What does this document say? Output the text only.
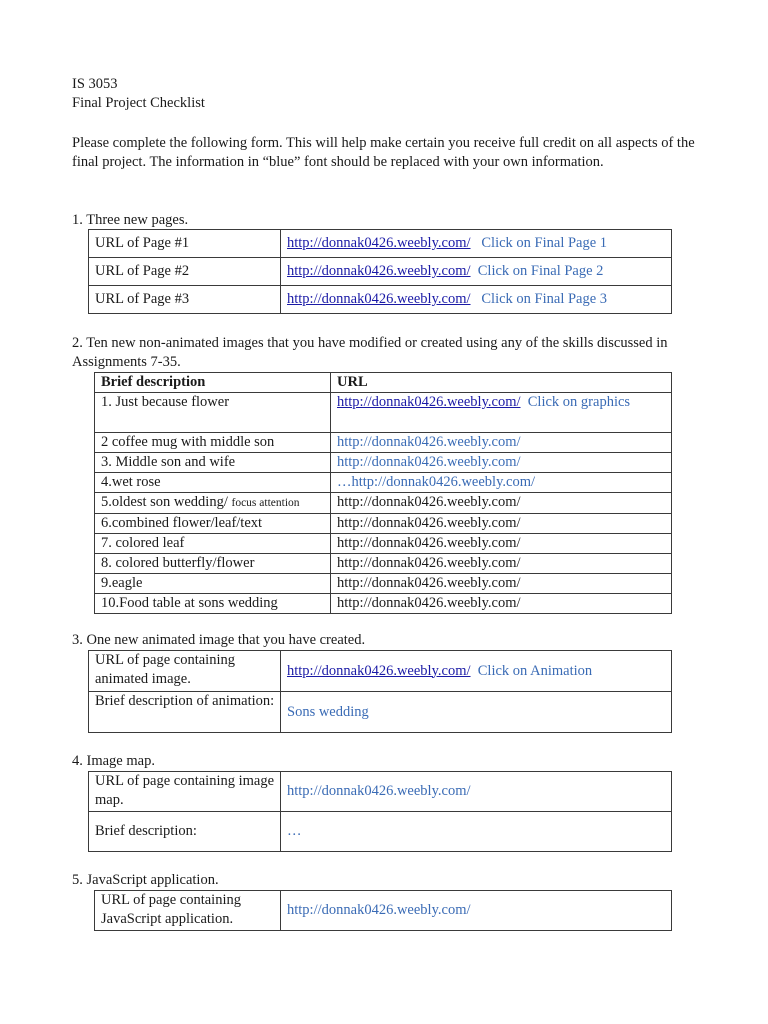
IS 3053
Final Project Checklist
Please complete the following form. This will help make certain you receive full credit on all aspects of the final project. The information in “blue” font should be replaced with your own information.
1. Three new pages.
URL of Page #1	http://donnak0426.weebly.com/ Click on Final Page 1
URL of Page #2	http://donnak0426.weebly.com/ Click on Final Page 2
URL of Page #3	http://donnak0426.weebly.com/ Click on Final Page 3
2. Ten new non-animated images that you have modified or created using any of the skills discussed in Assignments 7-35.
Brief description	URL
1. Just because flower	http://donnak0426.weebly.com/ Click on graphics
2 coffee mug with middle son	http://donnak0426.weebly.com/
3. Middle son and wife	http://donnak0426.weebly.com/
4.wet rose	…http://donnak0426.weebly.com/
5.oldest son wedding/ focus attention	http://donnak0426.weebly.com/
6.combined flower/leaf/text	http://donnak0426.weebly.com/
7. colored leaf	http://donnak0426.weebly.com/
8. colored butterfly/flower	http://donnak0426.weebly.com/
9.eagle	http://donnak0426.weebly.com/
10.Food table at sons wedding	http://donnak0426.weebly.com/
3. One new animated image that you have created.
URL of page containing animated image.	http://donnak0426.weebly.com/ Click on Animation
Brief description of animation:	Sons wedding
4. Image map.
URL of page containing image map.	http://donnak0426.weebly.com/
Brief description:	…
5. JavaScript application.
URL of page containing JavaScript application.	http://donnak0426.weebly.com/
